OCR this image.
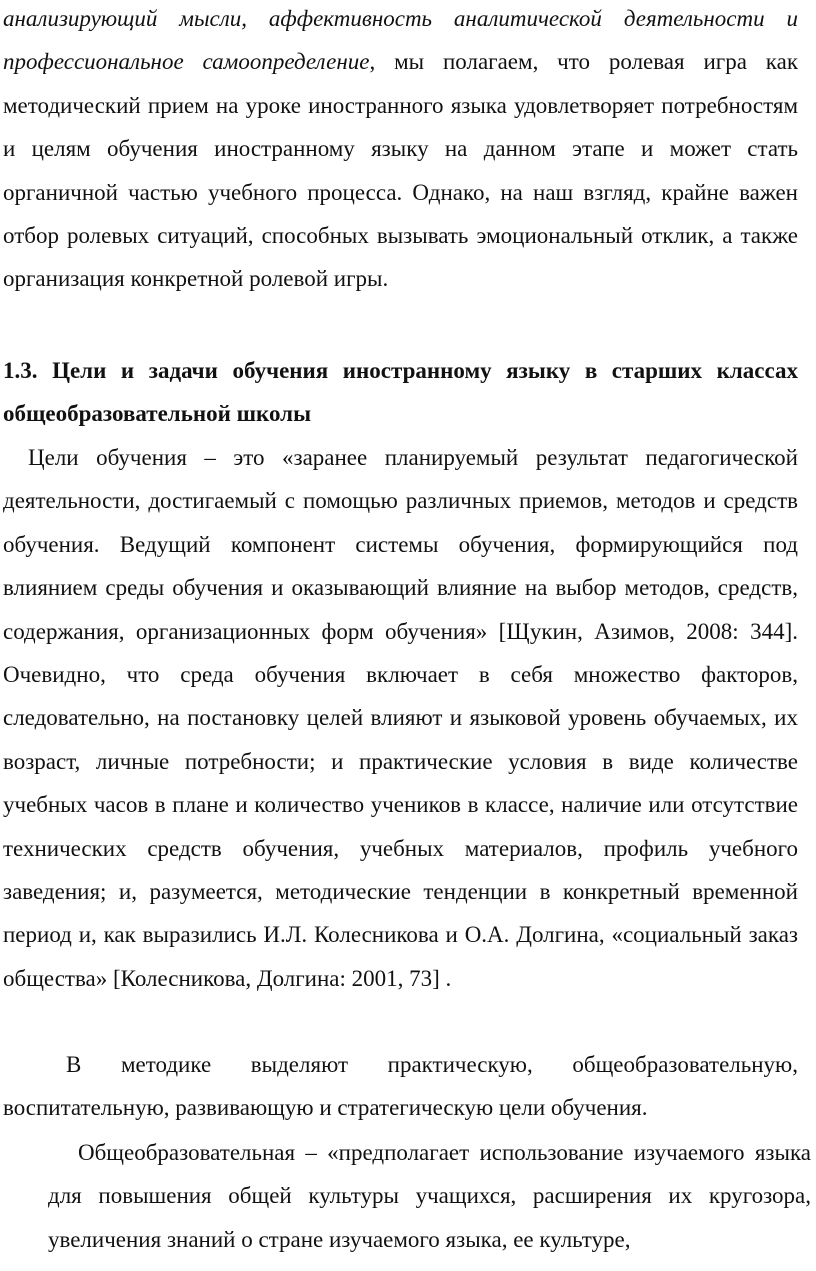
анализирующий мысли, аффективность аналитической деятельности и профессиональное самоопределение, мы полагаем, что ролевая игра как методический прием на уроке иностранного языка удовлетворяет потребностям и целям обучения иностранному языку на данном этапе и может стать органичной частью учебного процесса. Однако, на наш взгляд, крайне важен отбор ролевых ситуаций, способных вызывать эмоциональный отклик, а также организация конкретной ролевой игры.

1.3. Цели и задачи обучения иностранному языку в старших классах общеобразовательной школы

Цели обучения – это «заранее планируемый результат педагогической деятельности, достигаемый с помощью различных приемов, методов и средств обучения. Ведущий компонент системы обучения, формирующийся под влиянием среды обучения и оказывающий влияние на выбор методов, средств, содержания, организационных форм обучения» [Щукин, Азимов, 2008: 344]. Очевидно, что среда обучения включает в себя множество факторов, следовательно, на постановку целей влияют и языковой уровень обучаемых, их возраст, личные потребности; и практические условия в виде количестве учебных часов в плане и количество учеников в классе, наличие или отсутствие технических средств обучения, учебных материалов, профиль учебного заведения; и, разумеется, методические тенденции в конкретный временной период и, как выразились И.Л. Колесникова и О.А. Долгина, «социальный заказ общества» [Колесникова, Долгина: 2001, 73] .

В методике выделяют практическую, общеобразовательную, воспитательную, развивающую и стратегическую цели обучения.

Общеобразовательная – «предполагает использование изучаемого языка для повышения общей культуры учащихся, расширения их кругозора, увеличения знаний о стране изучаемого языка, ее культуре,
